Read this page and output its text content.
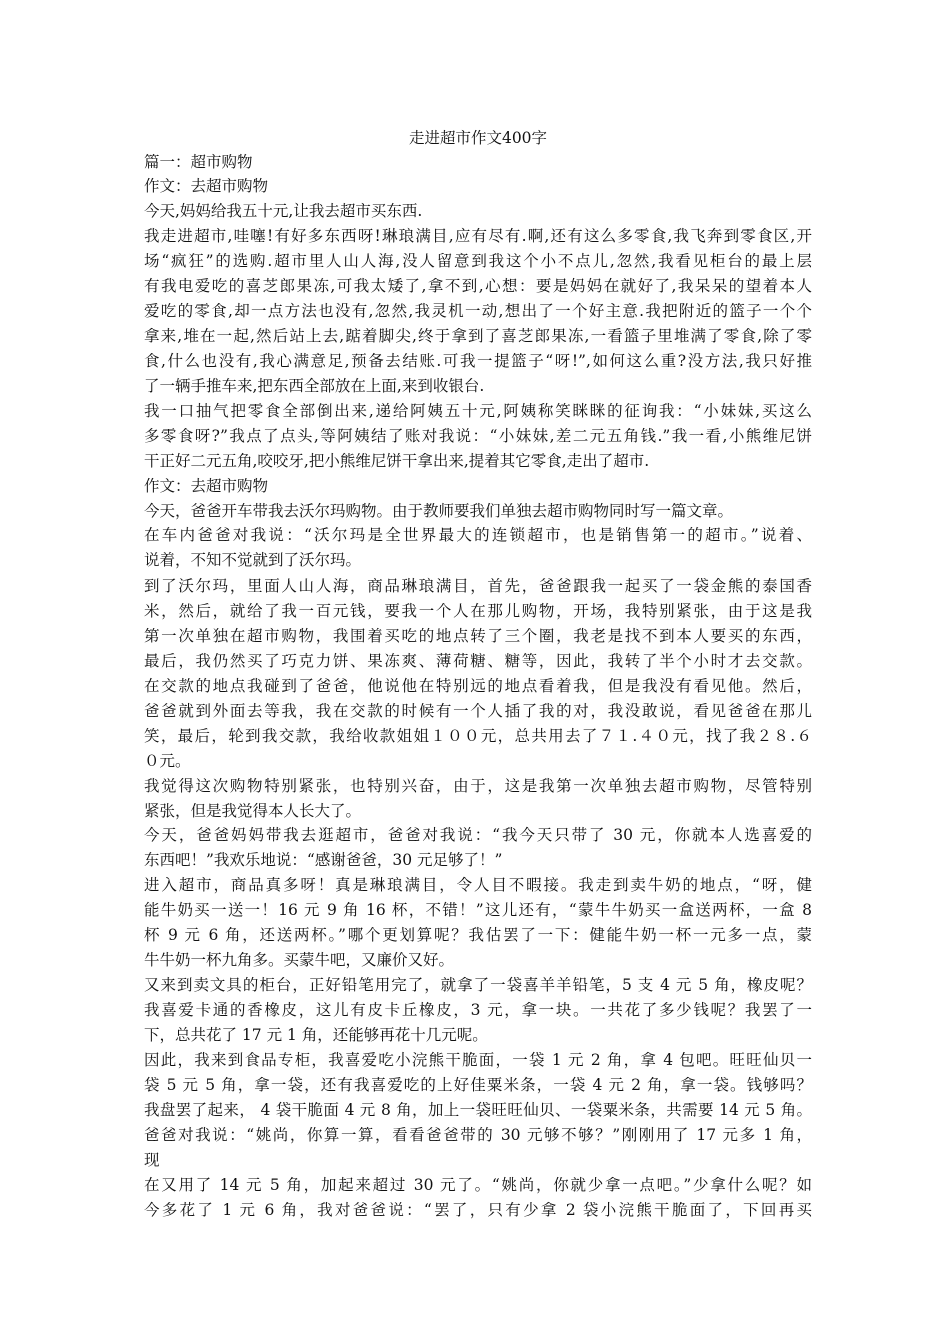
走进超市作文400字
篇一：超市购物
作文：去超市购物
今天,妈妈给我五十元,让我去超市买东西.
我走进超市,哇噻!有好多东西呀!琳琅满目,应有尽有.啊,还有这么多零食,我飞奔到零食区,开
场“疯狂”的选购.超市里人山人海,没人留意到我这个小不点儿,忽然,我看见柜台的最上层
有我电爱吃的喜芝郎果冻,可我太矮了,拿不到,心想：要是妈妈在就好了,我呆呆的望着本人
爱吃的零食,却一点方法也没有,忽然,我灵机一动,想出了一个好主意.我把附近的篮子一个个
拿来,堆在一起,然后站上去,踮着脚尖,终于拿到了喜芝郎果冻,一看篮子里堆满了零食,除了零
食,什么也没有,我心满意足,预备去结账.可我一提篮子“呀!”,如何这么重?没方法,我只好推
了一辆手推车来,把东西全部放在上面,来到收银台.
我一口抽气把零食全部倒出来,递给阿姨五十元,阿姨称笑眯眯的征询我：“小妹妹,买这么
多零食呀?”我点了点头,等阿姨结了账对我说：“小妹妹,差二元五角钱.”我一看,小熊维尼饼
干正好二元五角,咬咬牙,把小熊维尼饼干拿出来,提着其它零食,走出了超市.
作文：去超市购物
今天，爸爸开车带我去沃尔玛购物。由于教师要我们单独去超市购物同时写一篇文章。
在车内爸爸对我说：“沃尔玛是全世界最大的连锁超市，也是销售第一的超市。”说着、
说着，不知不觉就到了沃尔玛。
到了沃尔玛，里面人山人海，商品琳琅满目，首先，爸爸跟我一起买了一袋金熊的泰国香
米，然后，就给了我一百元钱，要我一个人在那儿购物，开场，我特别紧张，由于这是我
第一次单独在超市购物，我围着买吃的地点转了三个圈，我老是找不到本人要买的东西，
最后，我仍然买了巧克力饼、果冻爽、薄荷糖、糖等，因此，我转了半个小时才去交款。
在交款的地点我碰到了爸爸，他说他在特别远的地点看着我，但是我没有看见他。然后，
爸爸就到外面去等我，我在交款的时候有一个人插了我的对，我没敢说，看见爸爸在那儿
笑，最后，轮到我交款，我给收款姐姐１００元，总共用去了７１.４０元，找了我２８.６
０元。
我觉得这次购物特别紧张，也特别兴奋，由于，这是我第一次单独去超市购物，尽管特别
紧张，但是我觉得本人长大了。
今天，爸爸妈妈带我去逛超市，爸爸对我说：“我今天只带了 30 元，你就本人选喜爱的
东西吧！”我欢乐地说：“感谢爸爸，30 元足够了！”
进入超市，商品真多呀！真是琳琅满目，令人目不暇接。我走到卖牛奶的地点，“呀，健
能牛奶买一送一！16 元 9 角 16 杯，不错！”这儿还有，“蒙牛牛奶买一盒送两杯，一盒 8
杯 9 元 6 角，还送两杯。”哪个更划算呢？我估罢了一下：健能牛奶一杯一元多一点，蒙
牛牛奶一杯九角多。买蒙牛吧，又廉价又好。
又来到卖文具的柜台，正好铅笔用完了，就拿了一袋喜羊羊铅笔，5 支 4 元 5 角，橡皮呢？
我喜爱卡通的香橡皮，这儿有皮卡丘橡皮，3 元，拿一块。一共花了多少钱呢？我罢了一
下，总共花了 17 元 1 角，还能够再花十几元呢。
因此，我来到食品专柜，我喜爱吃小浣熊干脆面，一袋 1 元 2 角，拿 4 包吧。旺旺仙贝一
袋 5 元 5 角，拿一袋，还有我喜爱吃的上好佳粟米条，一袋 4 元 2 角，拿一袋。钱够吗？
我盘罢了起来， 4 袋干脆面 4 元 8 角，加上一袋旺旺仙贝、一袋粟米条，共需要 14 元 5 角。
爸爸对我说：“姚尚，你算一算，看看爸爸带的 30 元够不够？”刚刚用了 17 元多 1 角，
现
在又用了 14 元 5 角，加起来超过 30 元了。“姚尚，你就少拿一点吧。”少拿什么呢？如
今多花了 1 元 6 角，我对爸爸说：“罢了，只有少拿 2 袋小浣熊干脆面了，下回再买
